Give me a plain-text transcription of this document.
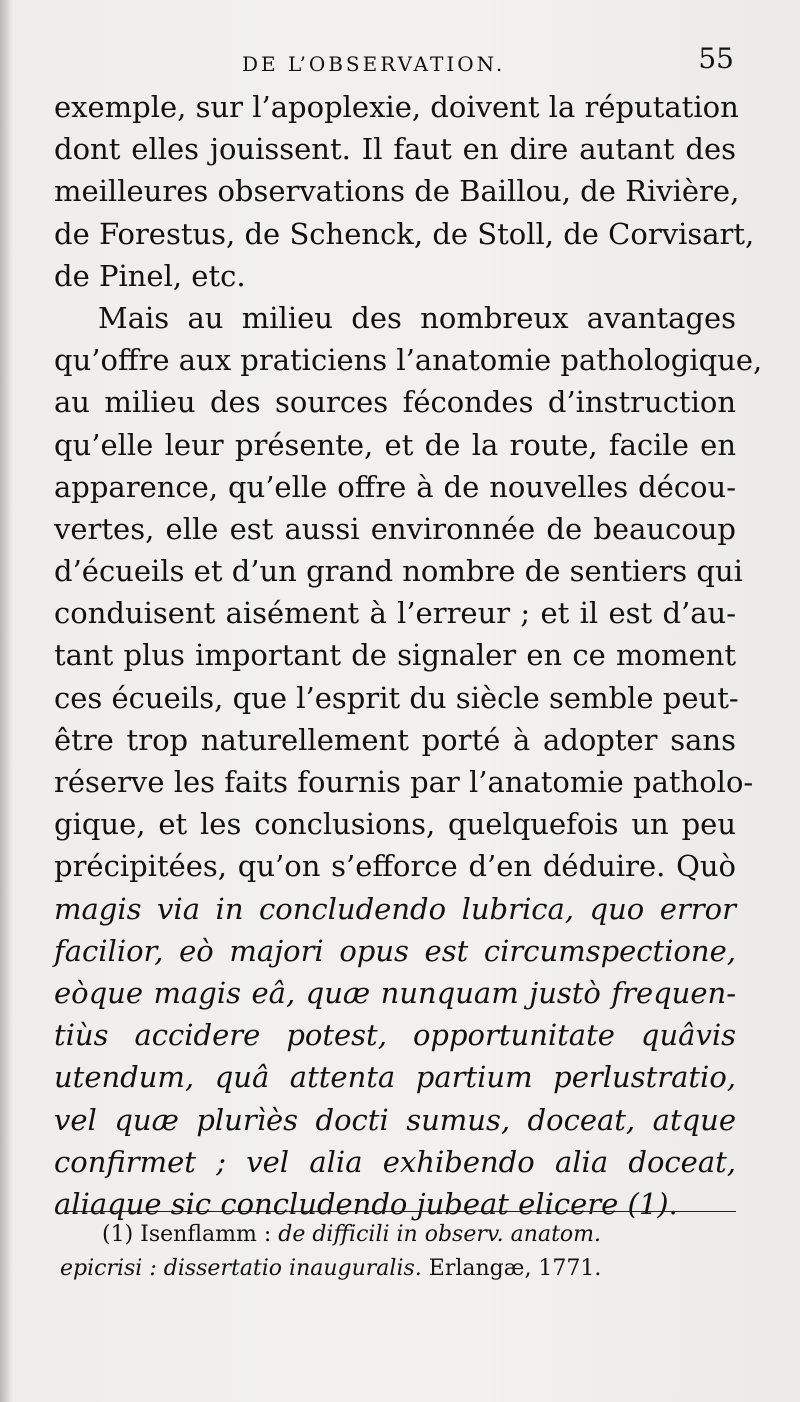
DE L’OBSERVATION.	55
exemple, sur l’apoplexie, doivent la réputation
dont elles jouissent. Il faut en dire autant des
meilleures observations de Baillou, de Rivière,
de Forestus, de Schenck, de Stoll, de Corvisart,
de Pinel, etc.
Mais au milieu des nombreux avantages
qu’offre aux praticiens l’anatomie pathologique,
au milieu des sources fécondes d’instruction
qu’elle leur présente, et de la route, facile en
apparence, qu’elle offre à de nouvelles décou-
vertes, elle est aussi environnée de beaucoup
d’écueils et d’un grand nombre de sentiers qui
conduisent aisément à l’erreur ; et il est d’au-
tant plus important de signaler en ce moment
ces écueils, que l’esprit du siècle semble peut-
être trop naturellement porté à adopter sans
réserve les faits fournis par l’anatomie patholo-
gique, et les conclusions, quelquefois un peu
précipitées, qu’on s’efforce d’en déduire. Quò
magis via in concludendo lubrica, quo error
facilior, eò majori opus est circumspectione,
eòque magis eâ, quæ nunquam justò frequen-
tiùs accidere potest, opportunitate quâvis
utendum, quâ attenta partium perlustratio,
vel quæ plurìès docti sumus, doceat, atque
confirmet ; vel alia exhibendo alia doceat,
aliaque sic concludendo jubeat elicere (1).
(1) Isenflamm : de difficili in observ. anatom.
epicrisi : dissertatio inauguralis. Erlangæ, 1771.
